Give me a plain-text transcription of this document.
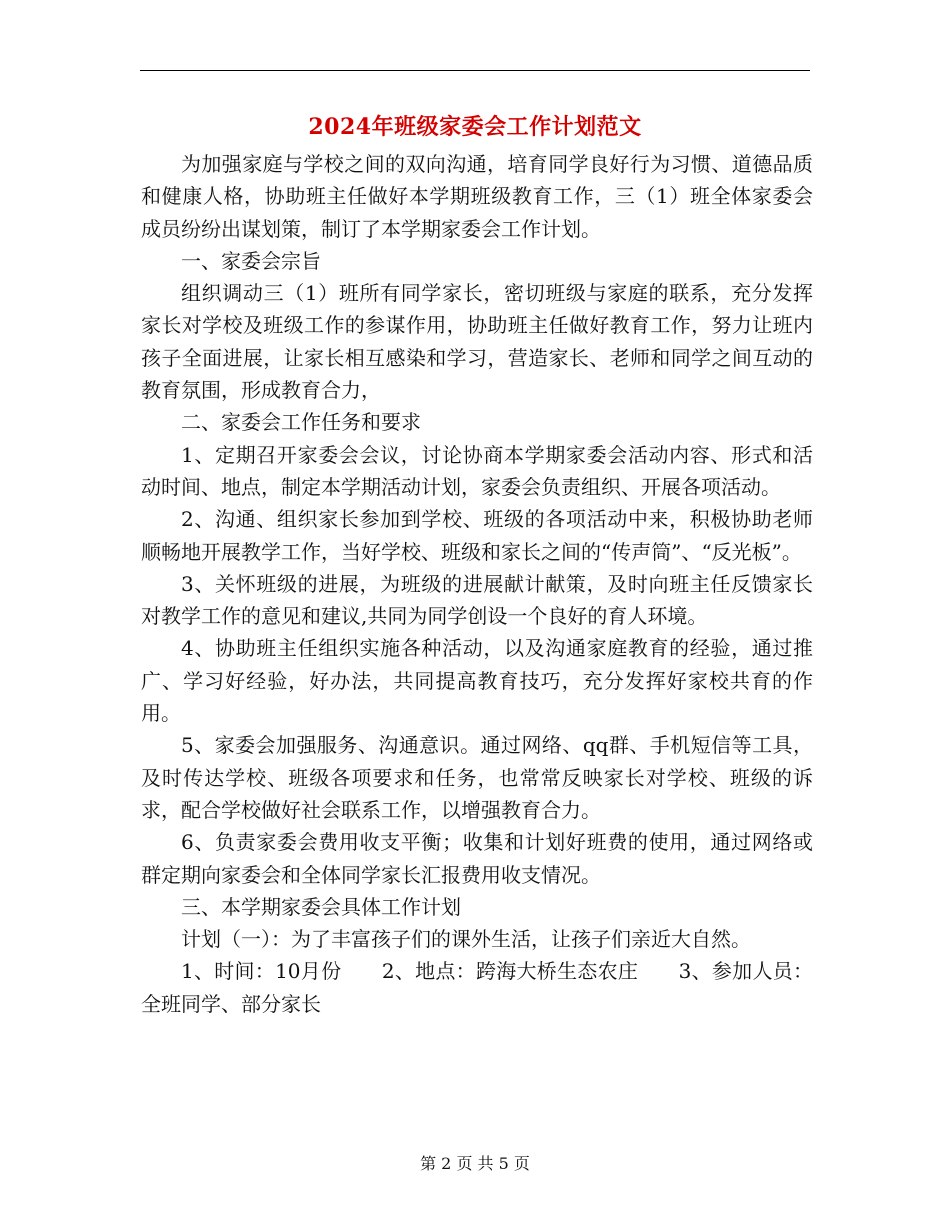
2024年班级家委会工作计划范文

为加强家庭与学校之间的双向沟通，培育同学良好行为习惯、道德品质和健康人格，协助班主任做好本学期班级教育工作，三（1）班全体家委会成员纷纷出谋划策，制订了本学期家委会工作计划。

一、家委会宗旨

组织调动三（1）班所有同学家长，密切班级与家庭的联系，充分发挥家长对学校及班级工作的参谋作用，协助班主任做好教育工作，努力让班内孩子全面进展，让家长相互感染和学习，营造家长、老师和同学之间互动的教育氛围，形成教育合力，

二、家委会工作任务和要求

1、定期召开家委会会议，讨论协商本学期家委会活动内容、形式和活动时间、地点，制定本学期活动计划，家委会负责组织、开展各项活动。

2、沟通、组织家长参加到学校、班级的各项活动中来，积极协助老师顺畅地开展教学工作，当好学校、班级和家长之间的“传声筒”、“反光板”。

3、关怀班级的进展，为班级的进展献计献策，及时向班主任反馈家长对教学工作的意见和建议,共同为同学创设一个良好的育人环境。

4、协助班主任组织实施各种活动，以及沟通家庭教育的经验，通过推广、学习好经验，好办法，共同提高教育技巧，充分发挥好家校共育的作用。

5、家委会加强服务、沟通意识。通过网络、qq群、手机短信等工具，及时传达学校、班级各项要求和任务，也常常反映家长对学校、班级的诉求，配合学校做好社会联系工作，以增强教育合力。

6、负责家委会费用收支平衡；收集和计划好班费的使用，通过网络或群定期向家委会和全体同学家长汇报费用收支情况。

三、本学期家委会具体工作计划

计划（一）：为了丰富孩子们的课外生活，让孩子们亲近大自然。

1、时间：10月份　　2、地点：跨海大桥生态农庄　　3、参加人员：全班同学、部分家长

第 2 页 共 5 页
